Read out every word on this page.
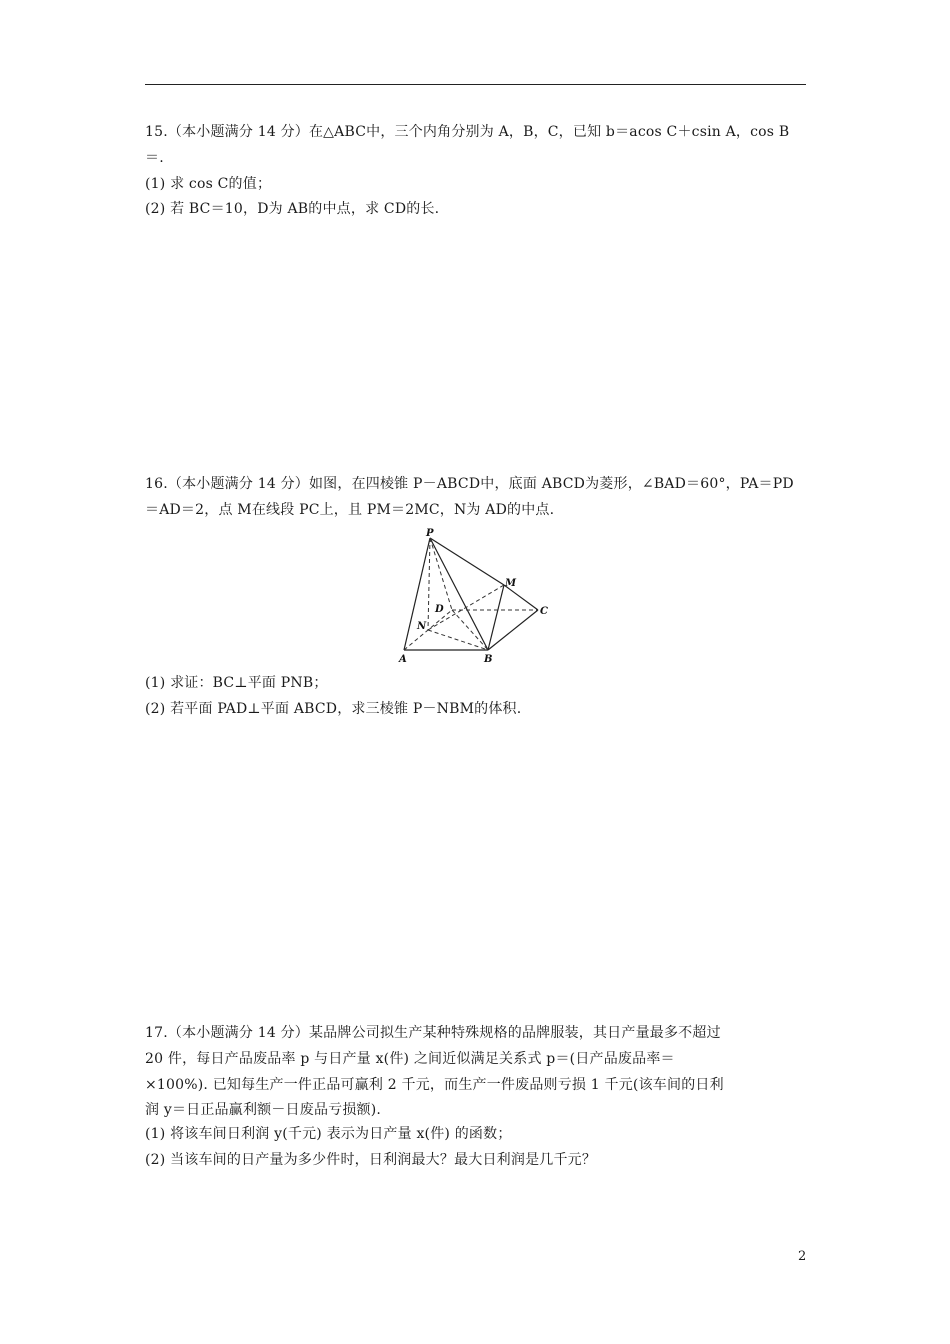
15.（本小题满分 14 分）在△ABC中，三个内角分别为 A，B，C，已知 b＝acos C＋csin A，cos B
＝.
(1) 求 cos C的值；
(2) 若 BC＝10，D为 AB的中点，求 CD的长.
16.（本小题满分 14 分）如图，在四棱锥 P－ABCD中，底面 ABCD为菱形，∠BAD＝60°，PA＝PD
＝AD＝2，点 M在线段 PC上，且 PM＝2MC，N为 AD的中点.
P
M
D	C
N
A	B
(1) 求证：BC⊥平面 PNB；
(2) 若平面 PAD⊥平面 ABCD，求三棱锥 P－NBM的体积.
17.（本小题满分 14 分）某品牌公司拟生产某种特殊规格的品牌服装，其日产量最多不超过
20 件，每日产品废品率 p 与日产量 x(件) 之间近似满足关系式 p＝(日产品废品率＝
×100%). 已知每生产一件正品可赢利 2 千元，而生产一件废品则亏损 1 千元(该车间的日利
润 y＝日正品赢利额－日废品亏损额).
(1) 将该车间日利润 y(千元) 表示为日产量 x(件) 的函数；
(2) 当该车间的日产量为多少件时，日利润最大？最大日利润是几千元？
2
